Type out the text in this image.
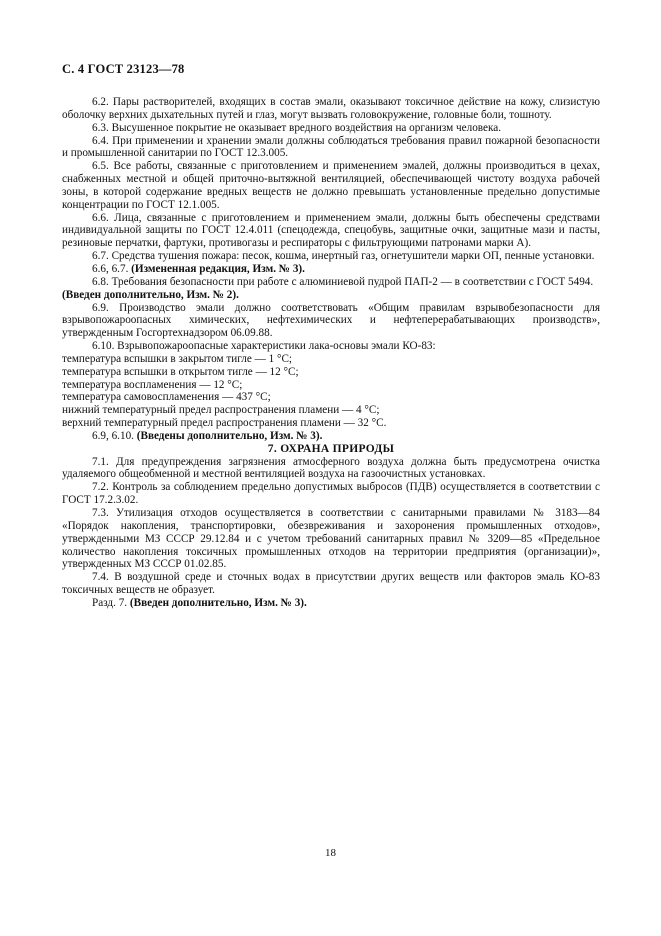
С. 4 ГОСТ 23123—78

6.2. Пары растворителей, входящих в состав эмали, оказывают токсичное действие на кожу, слизистую оболочку верхних дыхательных путей и глаз, могут вызвать головокружение, головные боли, тошноту.

6.3. Высушенное покрытие не оказывает вредного воздействия на организм человека.

6.4. При применении и хранении эмали должны соблюдаться требования правил пожарной безопасности и промышленной санитарии по ГОСТ 12.3.005.

6.5. Все работы, связанные с приготовлением и применением эмалей, должны производиться в цехах, снабженных местной и общей приточно-вытяжной вентиляцией, обеспечивающей чистоту воздуха рабочей зоны, в которой содержание вредных веществ не должно превышать установленные предельно допустимые концентрации по ГОСТ 12.1.005.

6.6. Лица, связанные с приготовлением и применением эмали, должны быть обеспечены средствами индивидуальной защиты по ГОСТ 12.4.011 (спецодежда, спецобувь, защитные очки, защитные мази и пасты, резиновые перчатки, фартуки, противогазы и респираторы с фильтрующими патронами марки А).

6.7. Средства тушения пожара: песок, кошма, инертный газ, огнетушители марки ОП, пенные установки.

6.6, 6.7. (Измененная редакция, Изм. № 3).

6.8. Требования безопасности при работе с алюминиевой пудрой ПАП-2 — в соответствии с ГОСТ 5494.

(Введен дополнительно, Изм. № 2).

6.9. Производство эмали должно соответствовать «Общим правилам взрывобезопасности для взрывопожароопасных химических, нефтехимических и нефтеперерабатывающих производств», утвержденным Госгортехнадзором 06.09.88.

6.10. Взрывопожароопасные характеристики лака-основы эмали КО-83:

температура вспышки в закрытом тигле — 1 °С;

температура вспышки в открытом тигле — 12 °С;

температура воспламенения — 12 °С;

температура самовоспламенения — 437 °С;

нижний температурный предел распространения пламени — 4 °С;

верхний температурный предел распространения пламени — 32 °С.

6.9, 6.10. (Введены дополнительно, Изм. № 3).

7. ОХРАНА ПРИРОДЫ

7.1. Для предупреждения загрязнения атмосферного воздуха должна быть предусмотрена очистка удаляемого общеобменной и местной вентиляцией воздуха на газоочистных установках.

7.2. Контроль за соблюдением предельно допустимых выбросов (ПДВ) осуществляется в соответствии с ГОСТ 17.2.3.02.

7.3. Утилизация отходов осуществляется в соответствии с санитарными правилами № 3183—84 «Порядок накопления, транспортировки, обезвреживания и захоронения промышленных отходов», утвержденными МЗ СССР 29.12.84 и с учетом требований санитарных правил № 3209—85 «Предельное количество накопления токсичных промышленных отходов на территории предприятия (организации)», утвержденных МЗ СССР 01.02.85.

7.4. В воздушной среде и сточных водах в присутствии других веществ или факторов эмаль КО-83 токсичных веществ не образует.

Разд. 7. (Введен дополнительно, Изм. № 3).

18
